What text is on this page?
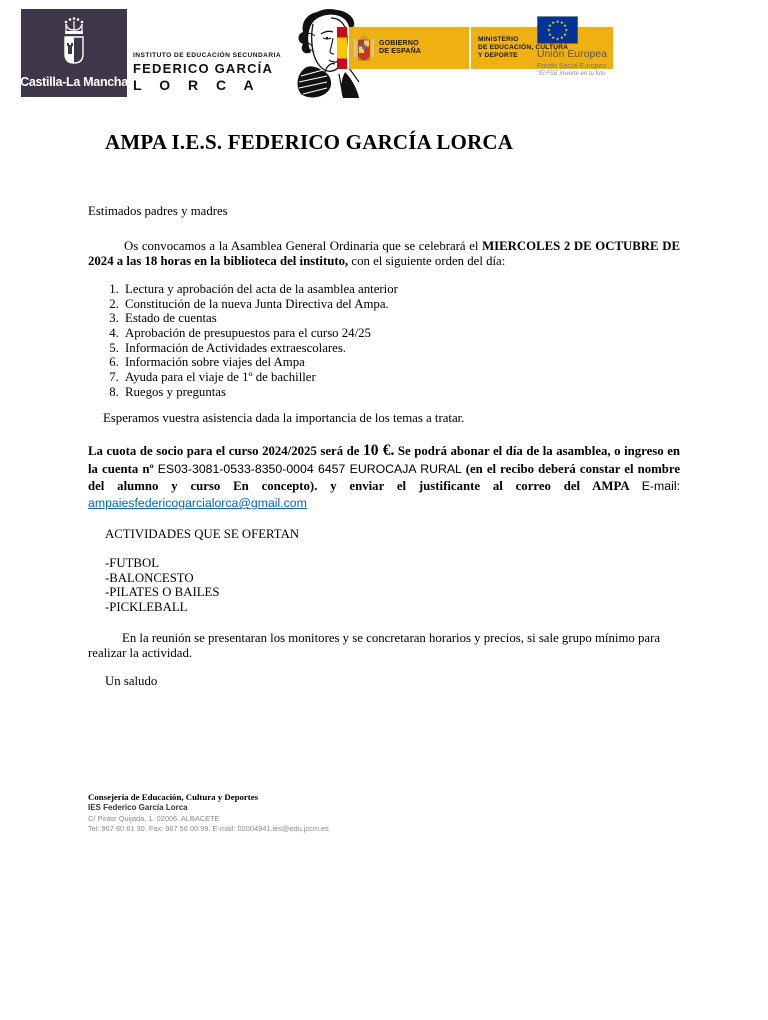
Castilla-La Mancha
INSTITUTO DE EDUCACIÓN SECUNDARIA
FEDERICO GARCÍA
L O R C A
GOBIERNO
DE ESPAÑA
MINISTERIO
DE EDUCACIÓN, CULTURA
Y DEPORTE
★ ★
★
★
★
★
★
★
★
★
★
★
Unión Europea
Fondo Social Europeo
"El FSE invierte en tu futu
AMPA I.E.S. FEDERICO GARCÍA LORCA

Estimados padres y madres

Os convocamos a la Asamblea General Ordinaria que se celebrará el MIERCOLES 2 DE OCTUBRE DE 2024 a las 18 horas en la biblioteca del instituto, con el siguiente orden del día:

1. Lectura y aprobación del acta de la asamblea anterior
2. Constitución de la nueva Junta Directiva del Ampa.
3. Estado de cuentas
4. Aprobación de presupuestos para el curso 24/25
5. Información de Actividades extraescolares.
6. Información sobre viajes del Ampa
7. Ayuda para el viaje de 1º de bachiller
8. Ruegos y preguntas

Esperamos vuestra asistencia dada la importancia de los temas a tratar.

La cuota de socio para el curso 2024/2025 será de 10 €. Se podrá abonar el día de la asamblea, o ingreso en la cuenta nº ES03-3081-0533-8350-0004 6457 EUROCAJA RURAL (en el recibo deberá constar el nombre del alumno y curso En concepto). y enviar el justificante al correo del AMPA E-mail: ampaiesfedericogarcialorca@gmail.com

ACTIVIDADES QUE SE OFERTAN

-FUTBOL
-BALONCESTO
-PILATES O BAILES
-PICKLEBALL

En la reunión se presentaran los monitores y se concretaran horarios y precios, si sale grupo mínimo para realizar la actividad.

Un saludo

Consejería de Educación, Cultura y Deportes
IES Federico García Lorca
C/ Pintor Quijada, 1. 02006. ALBACETE
Tel: 967 60 61 30. Fax: 967 56 00 99. E-mail: 02004941.ies@edu.jccm.es
